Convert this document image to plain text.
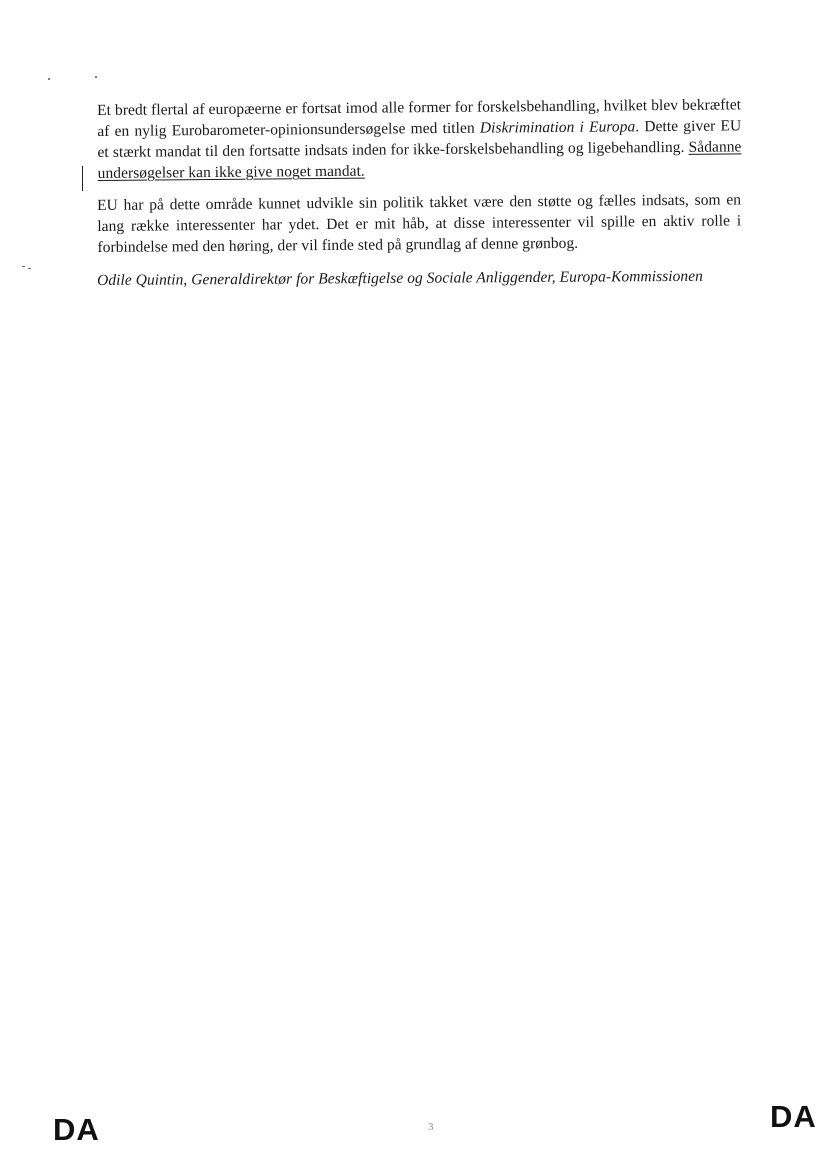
Et bredt flertal af europæerne er fortsat imod alle former for forskelsbehandling, hvilket blev bekræftet af en nylig Eurobarometer-opinionsundersøgelse med titlen Diskrimination i Europa. Dette giver EU et stærkt mandat til den fortsatte indsats inden for ikke-forskelsbehandling og ligebehandling. Sådanne undersøgelser kan ikke give noget mandat.

EU har på dette område kunnet udvikle sin politik takket være den støtte og fælles indsats, som en lang række interessenter har ydet. Det er mit håb, at disse interessenter vil spille en aktiv rolle i forbindelse med den høring, der vil finde sted på grundlag af denne grønbog.

Odile Quintin, Generaldirektør for Beskæftigelse og Sociale Anliggender, Europa-Kommissionen

DA	3	DA
